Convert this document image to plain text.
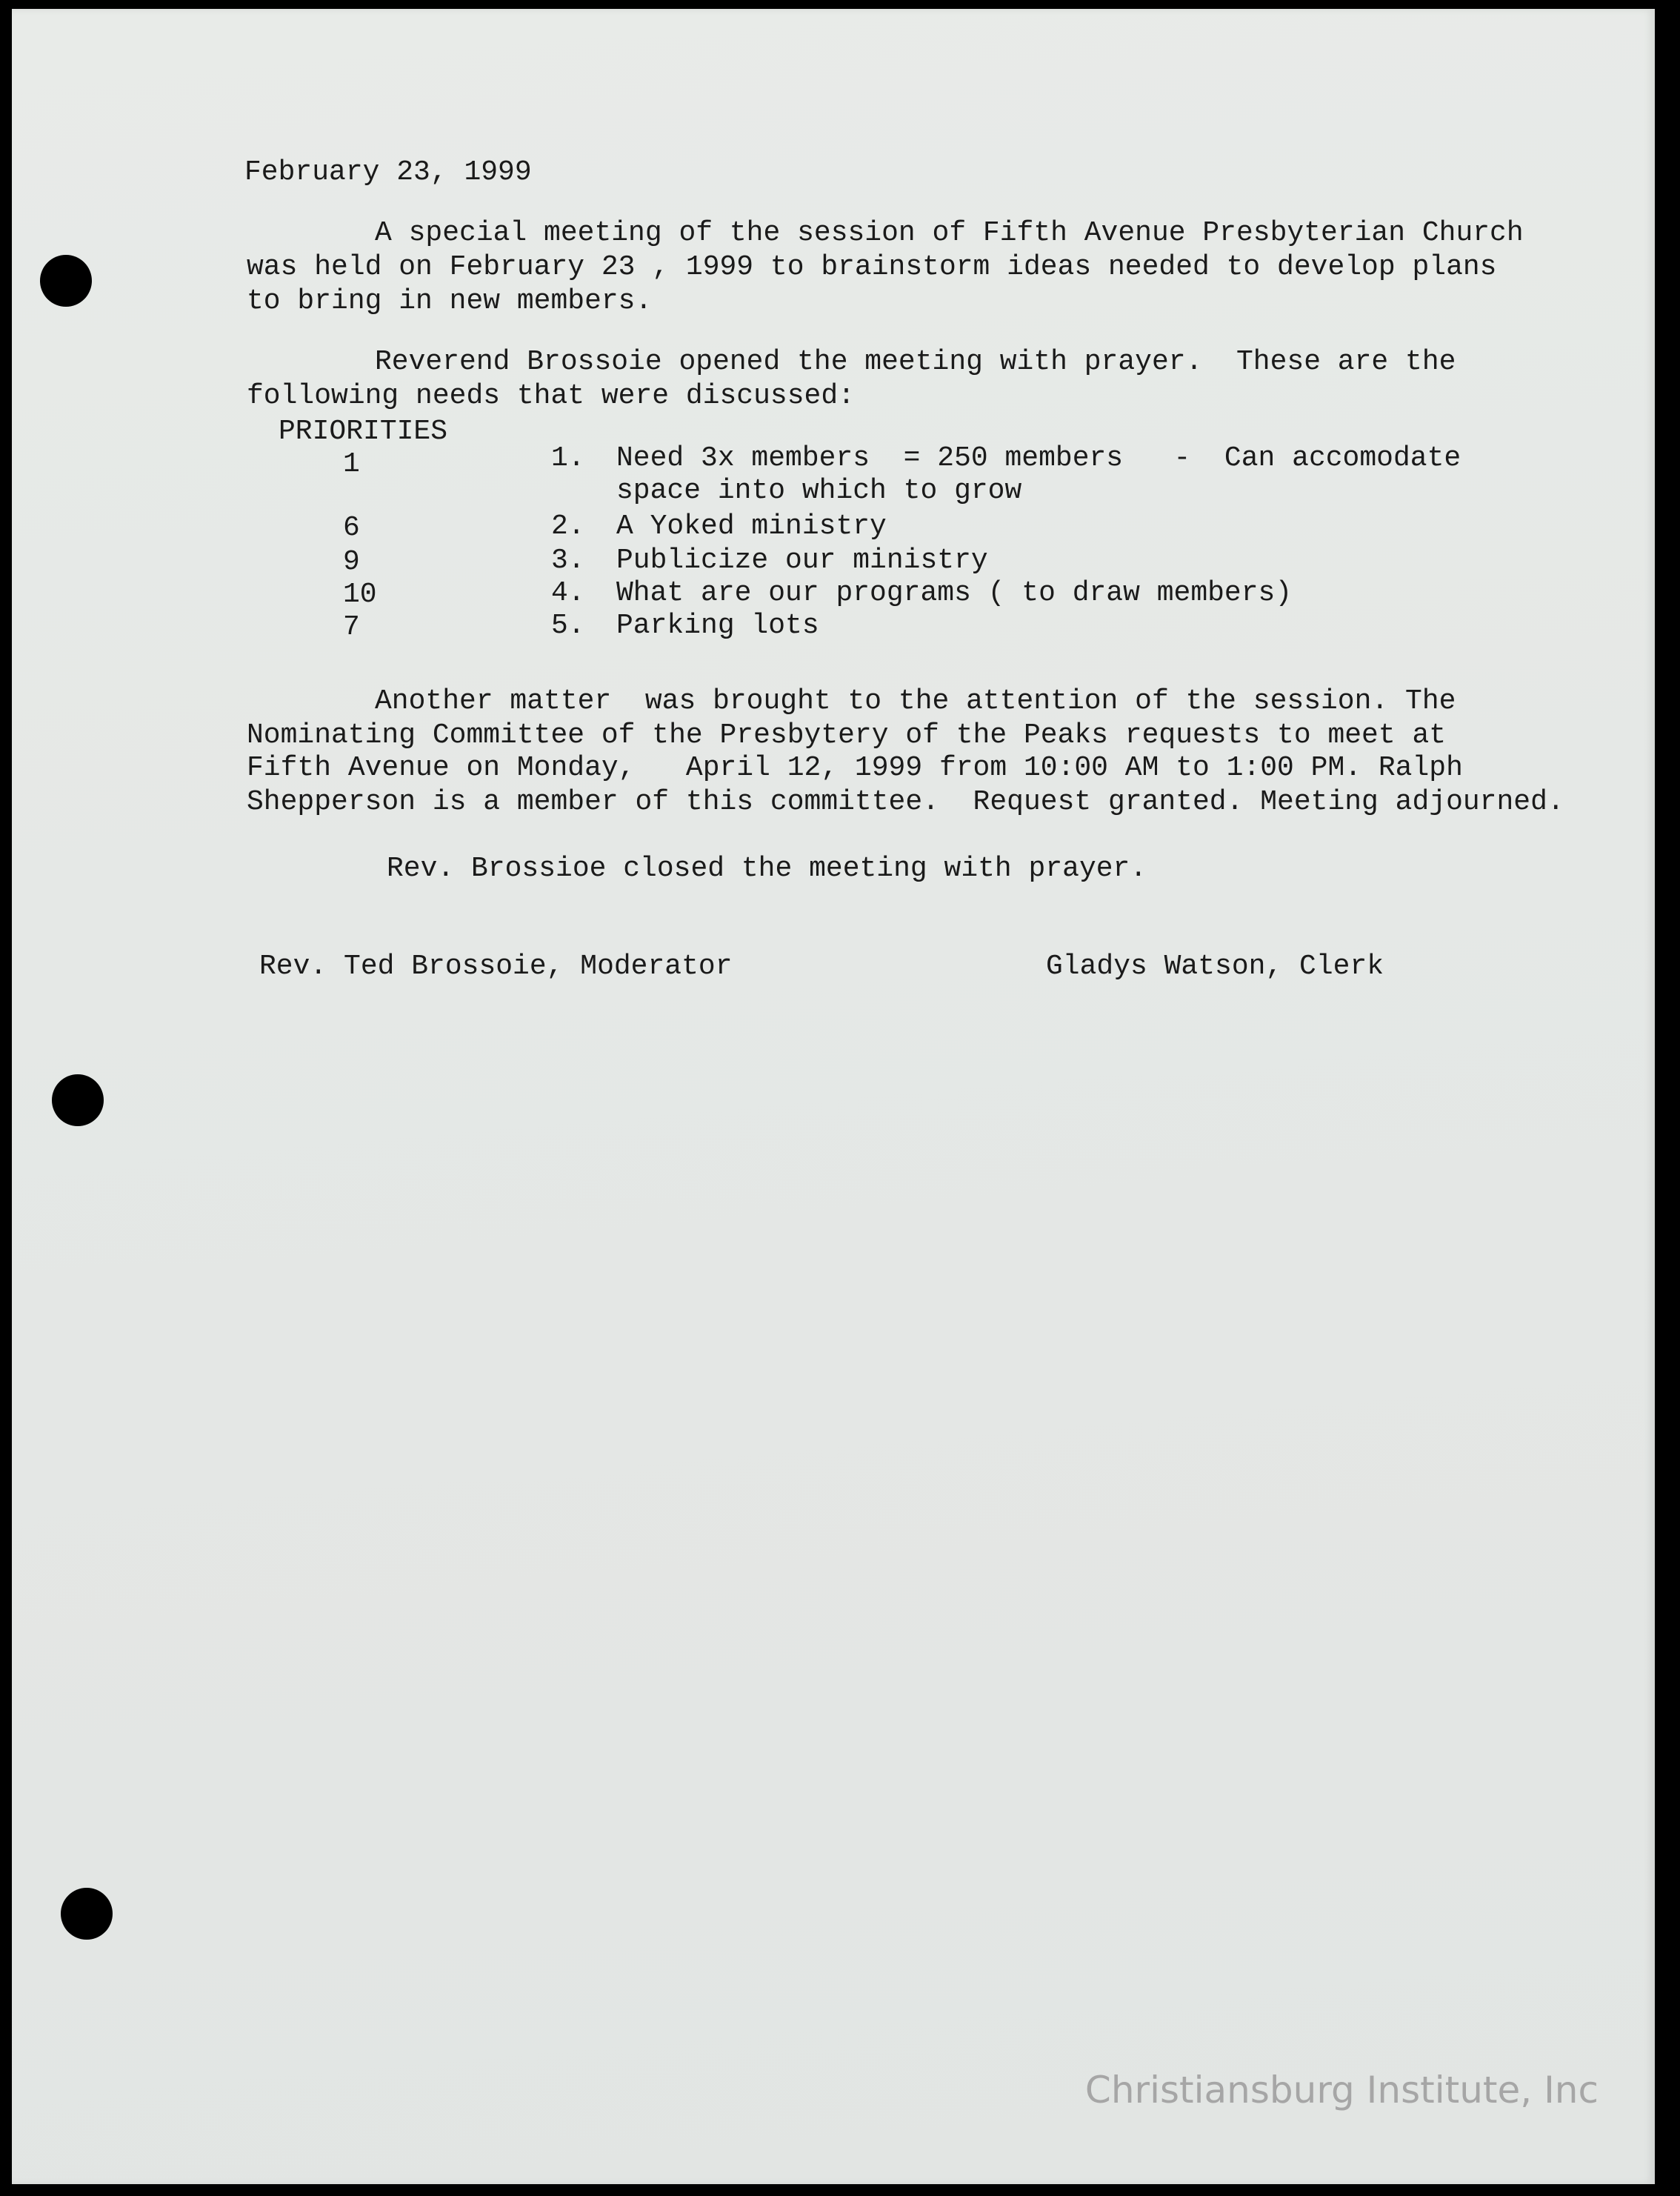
February 23, 1999
A special meeting of the session of Fifth Avenue Presbyterian Church
was held on February 23 , 1999 to brainstorm ideas needed to develop plans
to bring in new members.
Reverend Brossoie opened the meeting with prayer.  These are the
following needs that were discussed:
PRIORITIES
1	1. Need 3x members  = 250 members   -  Can accomodate
space into which to grow
6	2. A Yoked ministry
9	3. Publicize our ministry
10	4. What are our programs ( to draw members)
7	5. Parking lots
Another matter  was brought to the attention of the session. The
Nominating Committee of the Presbytery of the Peaks requests to meet at
Fifth Avenue on Monday,   April 12, 1999 from 10:00 AM to 1:00 PM. Ralph
Shepperson is a member of this committee.  Request granted. Meeting adjourned.
Rev. Brossioe closed the meeting with prayer.
Rev. Ted Brossoie, Moderator	Gladys Watson, Clerk
Christiansburg Institute, Inc
